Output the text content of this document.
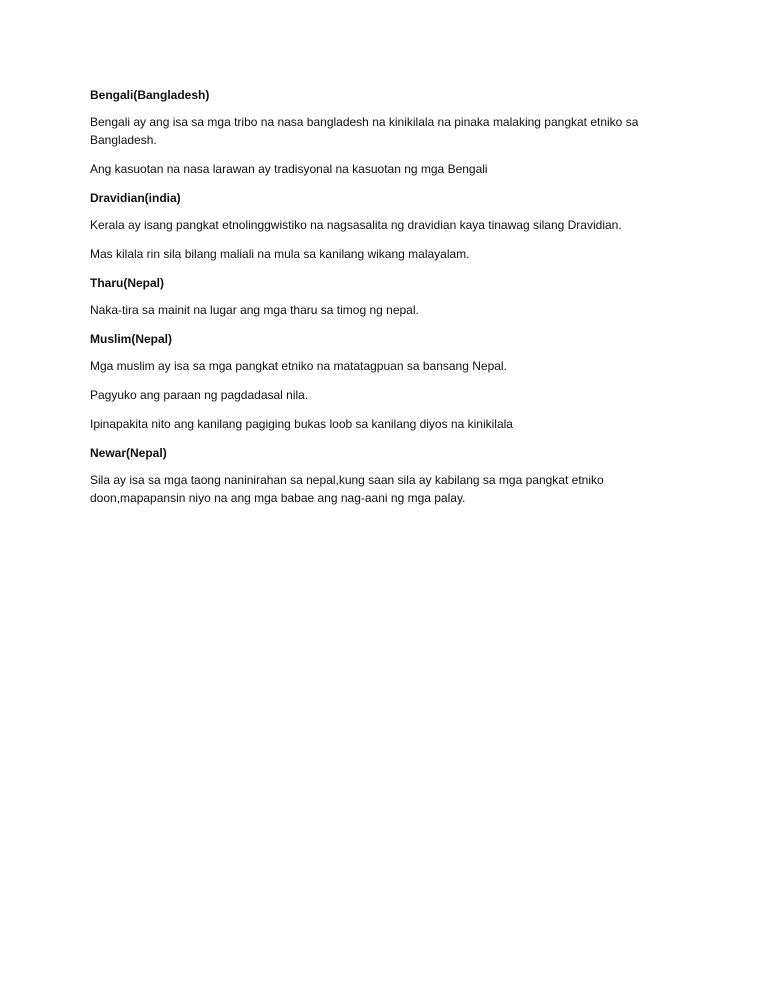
Bengali(Bangladesh)

Bengali ay ang isa sa mga tribo na nasa bangladesh na kinikilala na pinaka malaking pangkat etniko sa
Bangladesh.

Ang kasuotan na nasa larawan ay tradisyonal na kasuotan ng mga Bengali

Dravidian(india)

Kerala ay isang pangkat etnolinggwistiko na nagsasalita ng dravidian kaya tinawag silang Dravidian.

Mas kilala rin sila bilang maliali na mula sa kanilang wikang malayalam.

Tharu(Nepal)

Naka-tira sa mainit na lugar ang mga tharu sa timog ng nepal.

Muslim(Nepal)

Mga muslim ay isa sa mga pangkat etniko na matatagpuan sa bansang Nepal.

Pagyuko ang paraan ng pagdadasal nila.

Ipinapakita nito ang kanilang pagiging bukas loob sa kanilang diyos na kinikilala

Newar(Nepal)

Sila ay isa sa mga taong naninirahan sa nepal,kung saan sila ay kabilang sa mga pangkat etniko
doon,mapapansin niyo na ang mga babae ang nag-aani ng mga palay.
